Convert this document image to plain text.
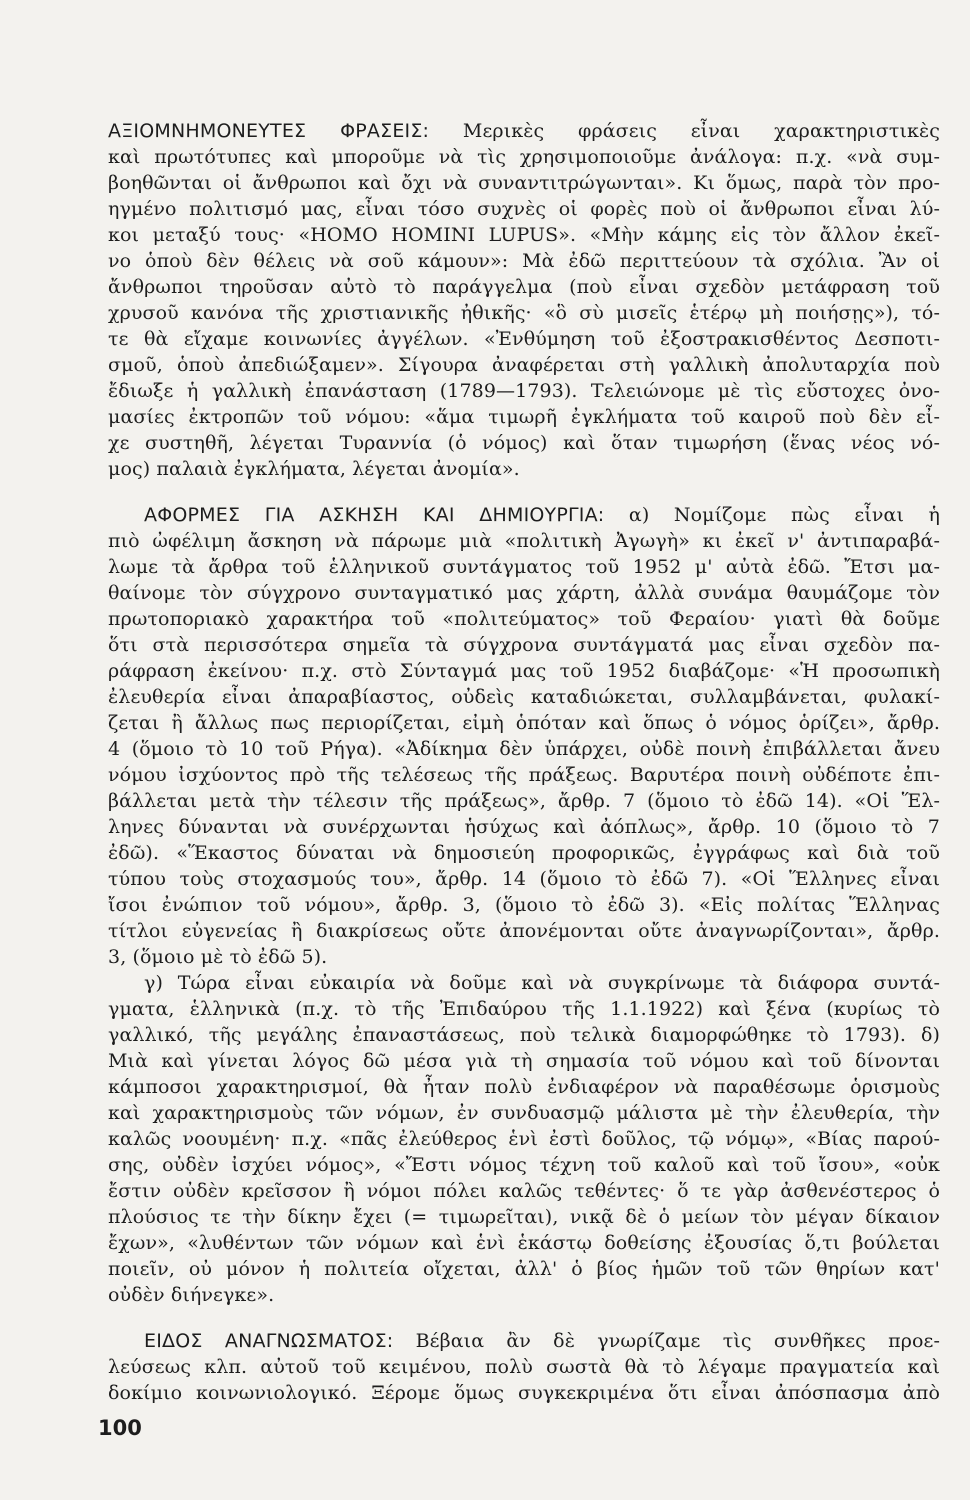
ΑΞΙΟΜΝΗΜΟΝΕΥΤΕΣ ΦΡΑΣΕΙΣ: Μερικὲς φράσεις εἶναι χαρακτηριστικὲς
καὶ πρωτότυπες καὶ μποροῦμε νὰ τὶς χρησιμοποιοῦμε ἀνάλογα: π.χ. «νὰ συμ-
βοηθῶνται οἱ ἄνθρωποι καὶ ὄχι νὰ συναντιτρώγωνται». Κι ὅμως, παρὰ τὸν προ-
ηγμένο πολιτισμό μας, εἶναι τόσο συχνὲς οἱ φορὲς ποὺ οἱ ἄνθρωποι εἶναι λύ-
κοι μεταξύ τους· «HOMO HOMINI LUPUS». «Μὴν κάμης εἰς τὸν ἄλλον ἐκεῖ-
νο ὁποὺ δὲν θέλεις νὰ σοῦ κάμουν»: Μὰ ἐδῶ περιττεύουν τὰ σχόλια. Ἂν οἱ
ἄνθρωποι τηροῦσαν αὐτὸ τὸ παράγγελμα (ποὺ εἶναι σχεδὸν μετάφραση τοῦ
χρυσοῦ κανόνα τῆς χριστιανικῆς ἠθικῆς· «ὃ σὺ μισεῖς ἑτέρῳ μὴ ποιήσῃς»), τό-
τε θὰ εἴχαμε κοινωνίες ἀγγέλων. «Ἐνθύμηση τοῦ ἐξοστρακισθέντος Δεσποτι-
σμοῦ, ὁποὺ ἀπεδιώξαμεν». Σίγουρα ἀναφέρεται στὴ γαλλικὴ ἀπολυταρχία ποὺ
ἔδιωξε ἡ γαλλικὴ ἐπανάσταση (1789—1793). Τελειώνομε μὲ τὶς εὔστοχες ὀνο-
μασίες ἐκτροπῶν τοῦ νόμου: «ἅμα τιμωρῆ ἐγκλήματα τοῦ καιροῦ ποὺ δὲν εἶ-
χε συστηθῆ, λέγεται Τυραννία (ὁ νόμος) καὶ ὅταν τιμωρήση (ἕνας νέος νό-
μος) παλαιὰ ἐγκλήματα, λέγεται ἀνομία».
ΑΦΟΡΜΕΣ ΓΙΑ ΑΣΚΗΣΗ ΚΑΙ ΔΗΜΙΟΥΡΓΙΑ: α) Νομίζομε πὼς εἶναι ἡ
πιὸ ὠφέλιμη ἄσκηση νὰ πάρωμε μιὰ «πολιτικὴ Ἀγωγὴ» κι ἐκεῖ ν' ἀντιπαραβά-
λωμε τὰ ἄρθρα τοῦ ἑλληνικοῦ συντάγματος τοῦ 1952 μ' αὐτὰ ἐδῶ. Ἔτσι μα-
θαίνομε τὸν σύγχρονο συνταγματικό μας χάρτη, ἀλλὰ συνάμα θαυμάζομε τὸν
πρωτοποριακὸ χαρακτήρα τοῦ «πολιτεύματος» τοῦ Φεραίου· γιατὶ θὰ δοῦμε
ὅτι στὰ περισσότερα σημεῖα τὰ σύγχρονα συντάγματά μας εἶναι σχεδὸν πα-
ράφραση ἐκείνου· π.χ. στὸ Σύνταγμά μας τοῦ 1952 διαβάζομε· «Ἡ προσωπικὴ
ἐλευθερία εἶναι ἀπαραβίαστος, οὐδεὶς καταδιώκεται, συλλαμβάνεται, φυλακί-
ζεται ἢ ἄλλως πως περιορίζεται, εἰμὴ ὁπόταν καὶ ὅπως ὁ νόμος ὁρίζει», ἄρθρ.
4 (ὅμοιο τὸ 10 τοῦ Ρήγα). «Ἀδίκημα δὲν ὑπάρχει, οὐδὲ ποινὴ ἐπιβάλλεται ἄνευ
νόμου ἰσχύοντος πρὸ τῆς τελέσεως τῆς πράξεως. Βαρυτέρα ποινὴ οὐδέποτε ἐπι-
βάλλεται μετὰ τὴν τέλεσιν τῆς πράξεως», ἄρθρ. 7 (ὅμοιο τὸ ἐδῶ 14). «Οἱ Ἕλ-
ληνες δύνανται νὰ συνέρχωνται ἡσύχως καὶ ἀόπλως», ἄρθρ. 10 (ὅμοιο τὸ 7
ἐδῶ). «Ἕκαστος δύναται νὰ δημοσιεύη προφορικῶς, ἐγγράφως καὶ διὰ τοῦ
τύπου τοὺς στοχασμούς του», ἄρθρ. 14 (ὅμοιο τὸ ἐδῶ 7). «Οἱ Ἕλληνες εἶναι
ἴσοι ἐνώπιον τοῦ νόμου», ἄρθρ. 3, (ὅμοιο τὸ ἐδῶ 3). «Εἰς πολίτας Ἕλληνας
τίτλοι εὐγενείας ἢ διακρίσεως οὔτε ἀπονέμονται οὔτε ἀναγνωρίζονται», ἄρθρ.
3, (ὅμοιο μὲ τὸ ἐδῶ 5).
γ) Τώρα εἶναι εὐκαιρία νὰ δοῦμε καὶ νὰ συγκρίνωμε τὰ διάφορα συντά-
γματα, ἑλληνικὰ (π.χ. τὸ τῆς Ἐπιδαύρου τῆς 1.1.1922) καὶ ξένα (κυρίως τὸ
γαλλικό, τῆς μεγάλης ἐπαναστάσεως, ποὺ τελικὰ διαμορφώθηκε τὸ 1793). δ)
Μιὰ καὶ γίνεται λόγος δῶ μέσα γιὰ τὴ σημασία τοῦ νόμου καὶ τοῦ δίνονται
κάμποσοι χαρακτηρισμοί, θὰ ἦταν πολὺ ἐνδιαφέρον νὰ παραθέσωμε ὁρισμοὺς
καὶ χαρακτηρισμοὺς τῶν νόμων, ἐν συνδυασμῷ μάλιστα μὲ τὴν ἐλευθερία, τὴν
καλῶς νοουμένη· π.χ. «πᾶς ἐλεύθερος ἑνὶ ἐστὶ δοῦλος, τῷ νόμῳ», «Βίας παρού-
σης, οὐδὲν ἰσχύει νόμος», «Ἔστι νόμος τέχνη τοῦ καλοῦ καὶ τοῦ ἴσου», «οὐκ
ἔστιν οὐδὲν κρεῖσσον ἢ νόμοι πόλει καλῶς τεθέντες· ὅ τε γὰρ ἀσθενέστερος ὁ
πλούσιος τε τὴν δίκην ἔχει (= τιμωρεῖται), νικᾷ δὲ ὁ μείων τὸν μέγαν δίκαιον
ἔχων», «λυθέντων τῶν νόμων καὶ ἑνὶ ἑκάστῳ δοθείσης ἐξουσίας ὅ,τι βούλεται
ποιεῖν, οὐ μόνον ἡ πολιτεία οἴχεται, ἀλλ' ὁ βίος ἡμῶν τοῦ τῶν θηρίων κατ'
οὐδὲν διήνεγκε».
ΕΙΔΟΣ ΑΝΑΓΝΩΣΜΑΤΟΣ: Βέβαια ἂν δὲ γνωρίζαμε τὶς συνθῆκες προε-
λεύσεως κλπ. αὐτοῦ τοῦ κειμένου, πολὺ σωστὰ θὰ τὸ λέγαμε πραγματεία καὶ
δοκίμιο κοινωνιολογικό. Ξέρομε ὅμως συγκεκριμένα ὅτι εἶναι ἀπόσπασμα ἀπὸ
100
